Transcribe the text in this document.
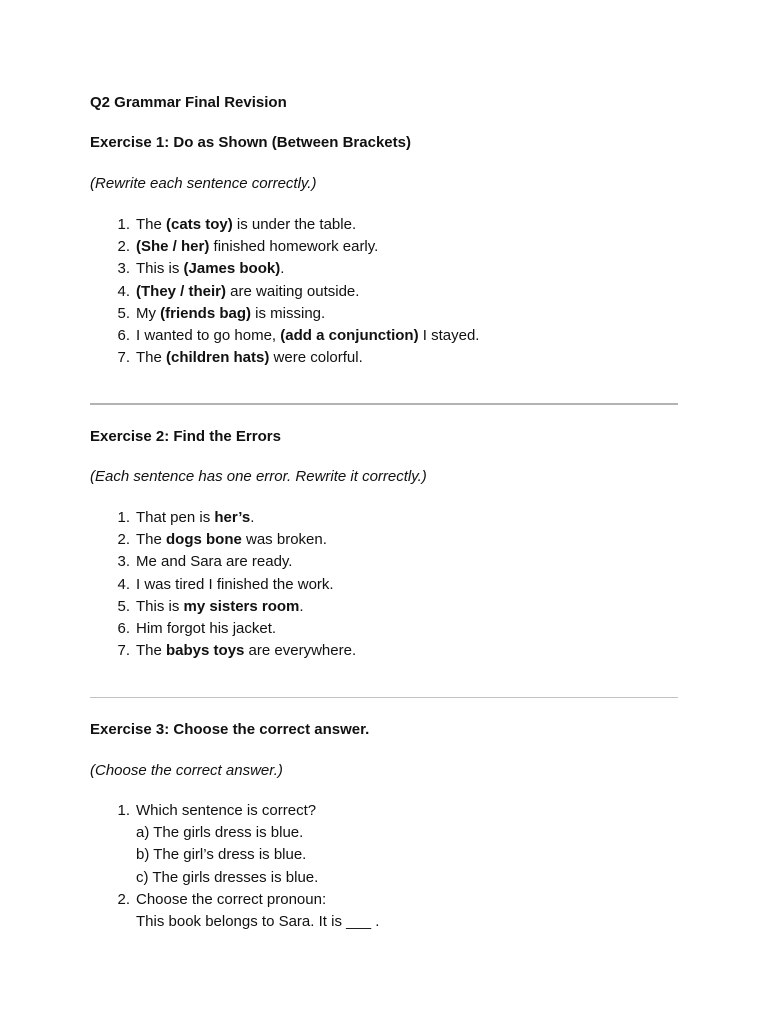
Q2 Grammar Final Revision
Exercise 1: Do as Shown (Between Brackets)
(Rewrite each sentence correctly.)
1 . The (cats toy) is under the table.

2 . (She / her) finished homework early.

3 . This is (James book).

4 . (They / their) are waiting outside.

5 . My (friends bag) is missing.

6 . I wanted to go home, (add a conjunction) I stayed.

7 . The (children hats) were colorful.

Exercise 2: Find the Errors
(Each sentence has one error. Rewrite it correctly.)
1 . That pen is her’s.

2 . The dogs bone was broken.

3 . Me and Sara are ready.

4 . I was tired I finished the work.

5 . This is my sisters room.

6 . Him forgot his jacket.

7 . The babys toys are everywhere.

Exercise 3: Choose the correct answer.
(Choose the correct answer.)
1 . Which sentence is correct?

a) The girls dress is blue.
b) The girl’s dress is blue.
c) The girls dresses is blue.
2 . Choose the correct pronoun:

This book belongs to Sara. It is ___ .
